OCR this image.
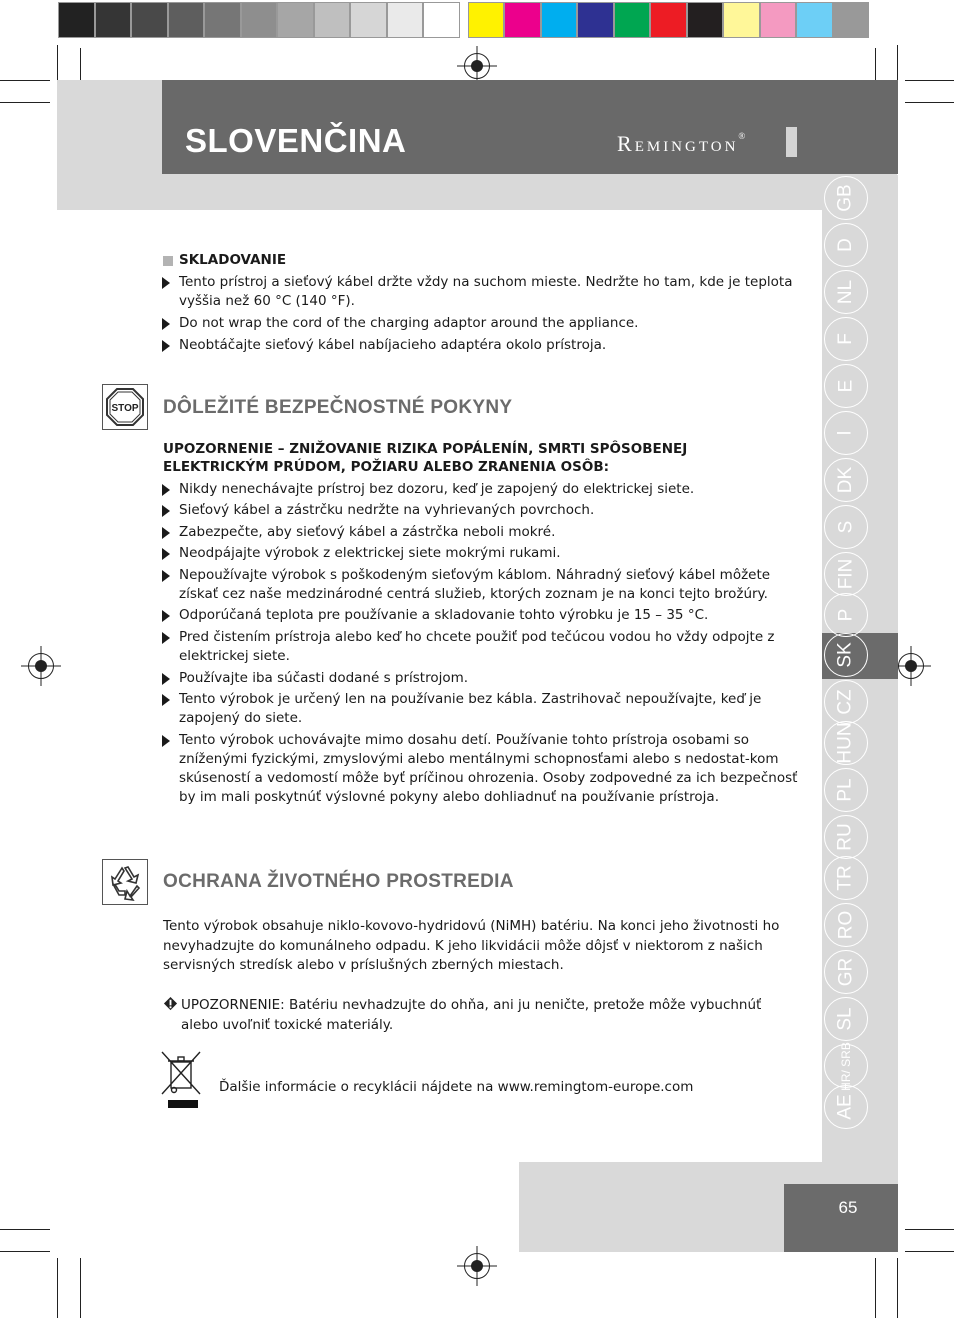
SLOVENČINA	REMINGTON®
GB
D
NL
F
E
I
DK
S
FIN
P
SK
CZ
HUN
PL
RU
TR
RO
GR
SL
HR/ SRB
AE
SKLADOVANIE
Tento prístroj a sieťový kábel držte vždy na suchom mieste. Nedržte ho tam, kde je teplota vyššia než 60 °C (140 °F).
Do not wrap the cord of the charging adaptor around the appliance.
Neobtáčajte sieťový kábel nabíjacieho adaptéra okolo prístroja.
STOP DÔLEŽITÉ BEZPEČNOSTNÉ POKYNY
UPOZORNENIE – ZNIŽOVANIE RIZIKA POPÁLENÍN, SMRTI SPÔSOBENEJ ELEKTRICKÝM PRÚDOM, POŽIARU ALEBO ZRANENIA OSÔB:
Nikdy nenechávajte prístroj bez dozoru, keď je zapojený do elektrickej siete.
Sieťový kábel a zástrčku nedržte na vyhrievaných povrchoch.
Zabezpečte, aby sieťový kábel a zástrčka neboli mokré.
Neodpájajte výrobok z elektrickej siete mokrými rukami.
Nepoužívajte výrobok s poškodeným sieťovým káblom. Náhradný sieťový kábel môžete získať cez naše medzinárodné centrá služieb, ktorých zoznam je na konci tejto brožúry.
Odporúčaná teplota pre používanie a skladovanie tohto výrobku je 15 – 35 °C.
Pred čistením prístroja alebo keď ho chcete použiť pod tečúcou vodou ho vždy odpojte z elektrickej siete.
Používajte iba súčasti dodané s prístrojom.
Tento výrobok je určený len na používanie bez kábla. Zastrihovač nepoužívajte, keď je zapojený do siete.
Tento výrobok uchovávajte mimo dosahu detí. Používanie tohto prístroja osobami so zníženými fyzickými, zmyslovými alebo mentálnymi schopnosťami alebo s nedostat-kom skúseností a vedomostí môže byť príčinou ohrozenia. Osoby zodpovedné za ich bezpečnosť by im mali poskytnúť výslovné pokyny alebo dohliadnuť na používanie prístroja.
OCHRANA ŽIVOTNÉHO PROSTREDIA
Tento výrobok obsahuje niklo-kovovo-hydridovú (NiMH) batériu. Na konci jeho životnosti ho nevyhadzujte do komunálneho odpadu. K jeho likvidácii môže dôjsť v niektorom z našich servisných stredísk alebo v príslušných zberných miestach.
UPOZORNENIE: Batériu nevhadzujte do ohňa, ani ju neničte, pretože môže vybuchnúť alebo uvoľniť toxické materiály.
Ďalšie informácie o recyklácii nájdete na www.remingtom-europe.com
65
